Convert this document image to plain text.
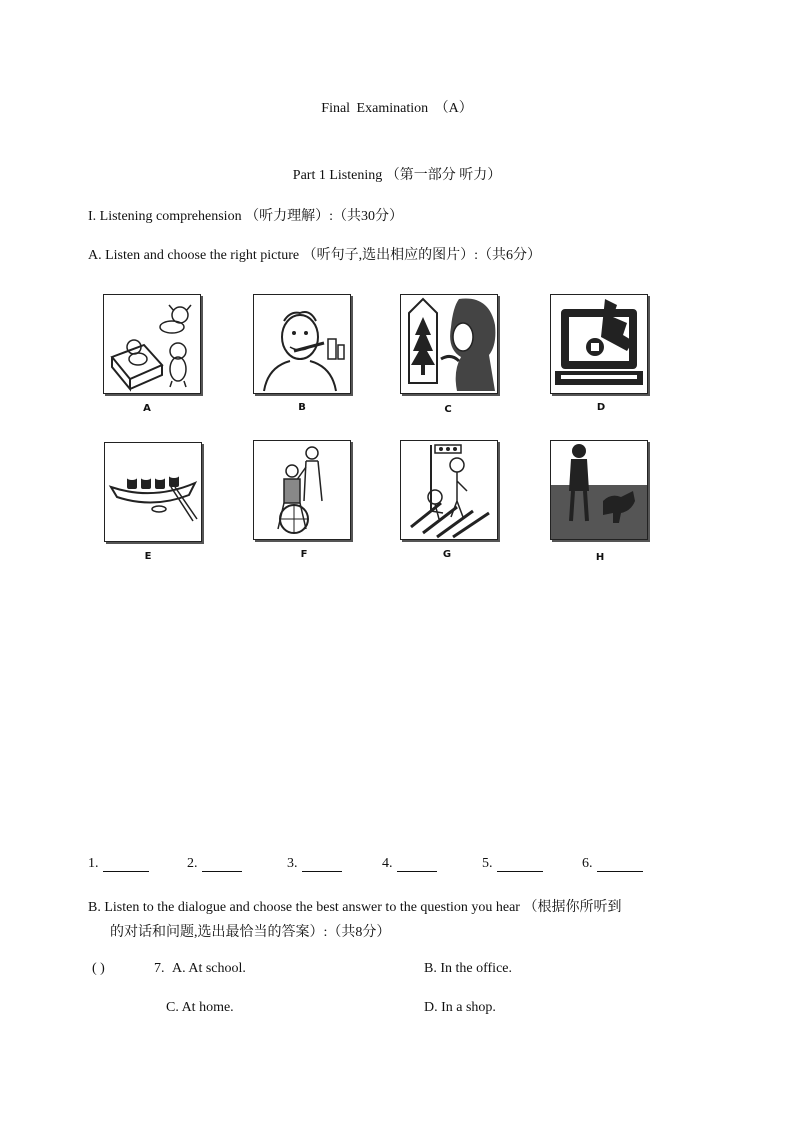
Final Examination （A）
Part 1 Listening （第一部分 听力）
I. Listening comprehension （听力理解）:（共30分）
A. Listen and choose the right picture （听句子,选出相应的图片）:（共6分）
A	B	C	D
E	F	G	H
1.	2.	3.	4.	5.	6.
B. Listen to the dialogue and choose the best answer to the question you hear （根据你所听到
的对话和问题,选出最恰当的答案）:（共8分）
( )	7. A. At school.	B. In the office.
C. At home.	D. In a shop.
